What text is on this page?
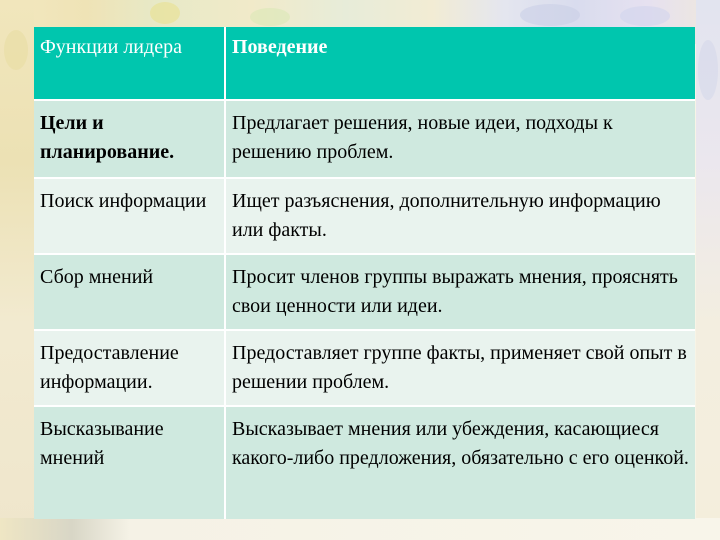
Функции лидера	Поведение

Цели и планирование.	Предлагает решения, новые идеи, подходы к решению проблем.

Поиск информации	Ищет разъяснения, дополнительную информацию или факты.

Сбор мнений	Просит членов группы выражать мнения, прояснять свои ценности или идеи.

Предоставление информации.	Предоставляет группе факты, применяет свой опыт в решении проблем.

Высказывание мнений	Высказывает мнения или убеждения, касающиеся какого-либо предложения, обязательно с его оценкой.
